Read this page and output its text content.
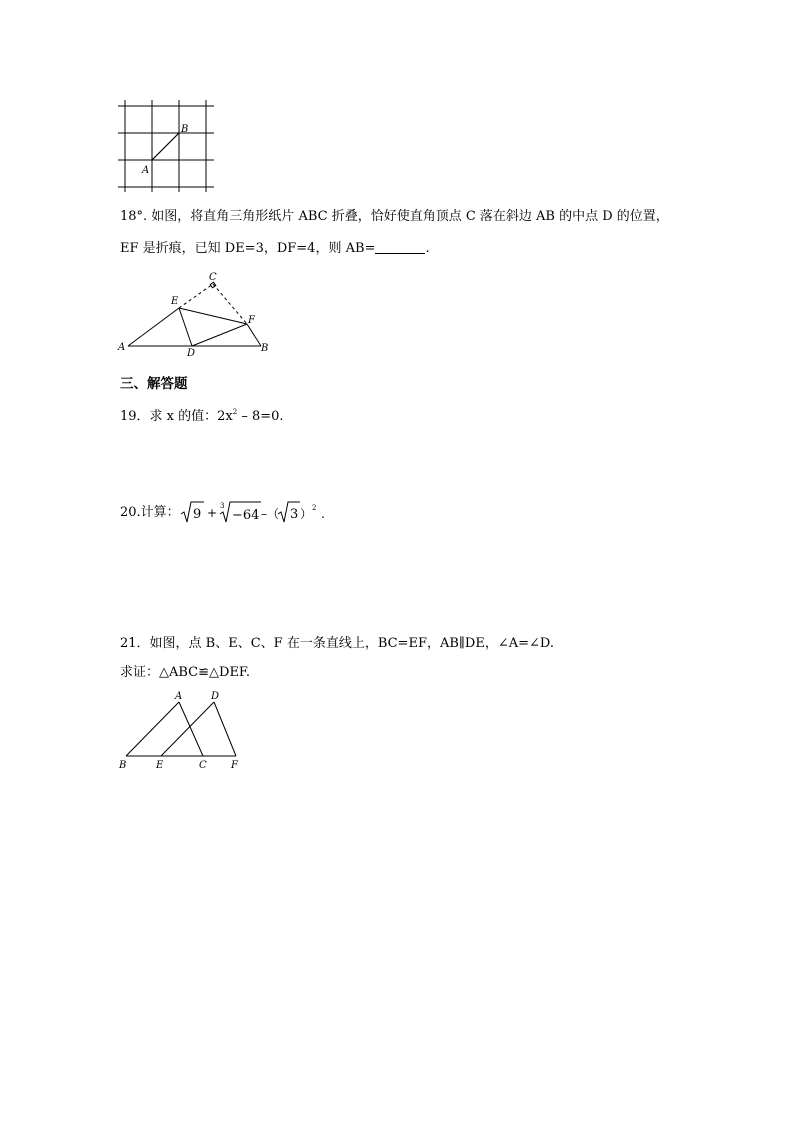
A
B
18°. 如图，将直角三角形纸片 ABC 折叠，恰好使直角顶点 C 落在斜边 AB 的中点 D 的位置，
EF 是折痕，已知 DE=3，DF=4，则 AB=	.
A	B
C
D
E
F
三、解答题
19．求 x 的值：$2x^2 - 8=0$.
20.计算： 9 + 3
−64 –（ 3 ） 2 .
21．如图，点 B、E、C、F 在一条直线上，BC=EF，AB∥DE，∠A=∠D.
求证：△ABC≌△DEF.
A	D
B	E	C F
